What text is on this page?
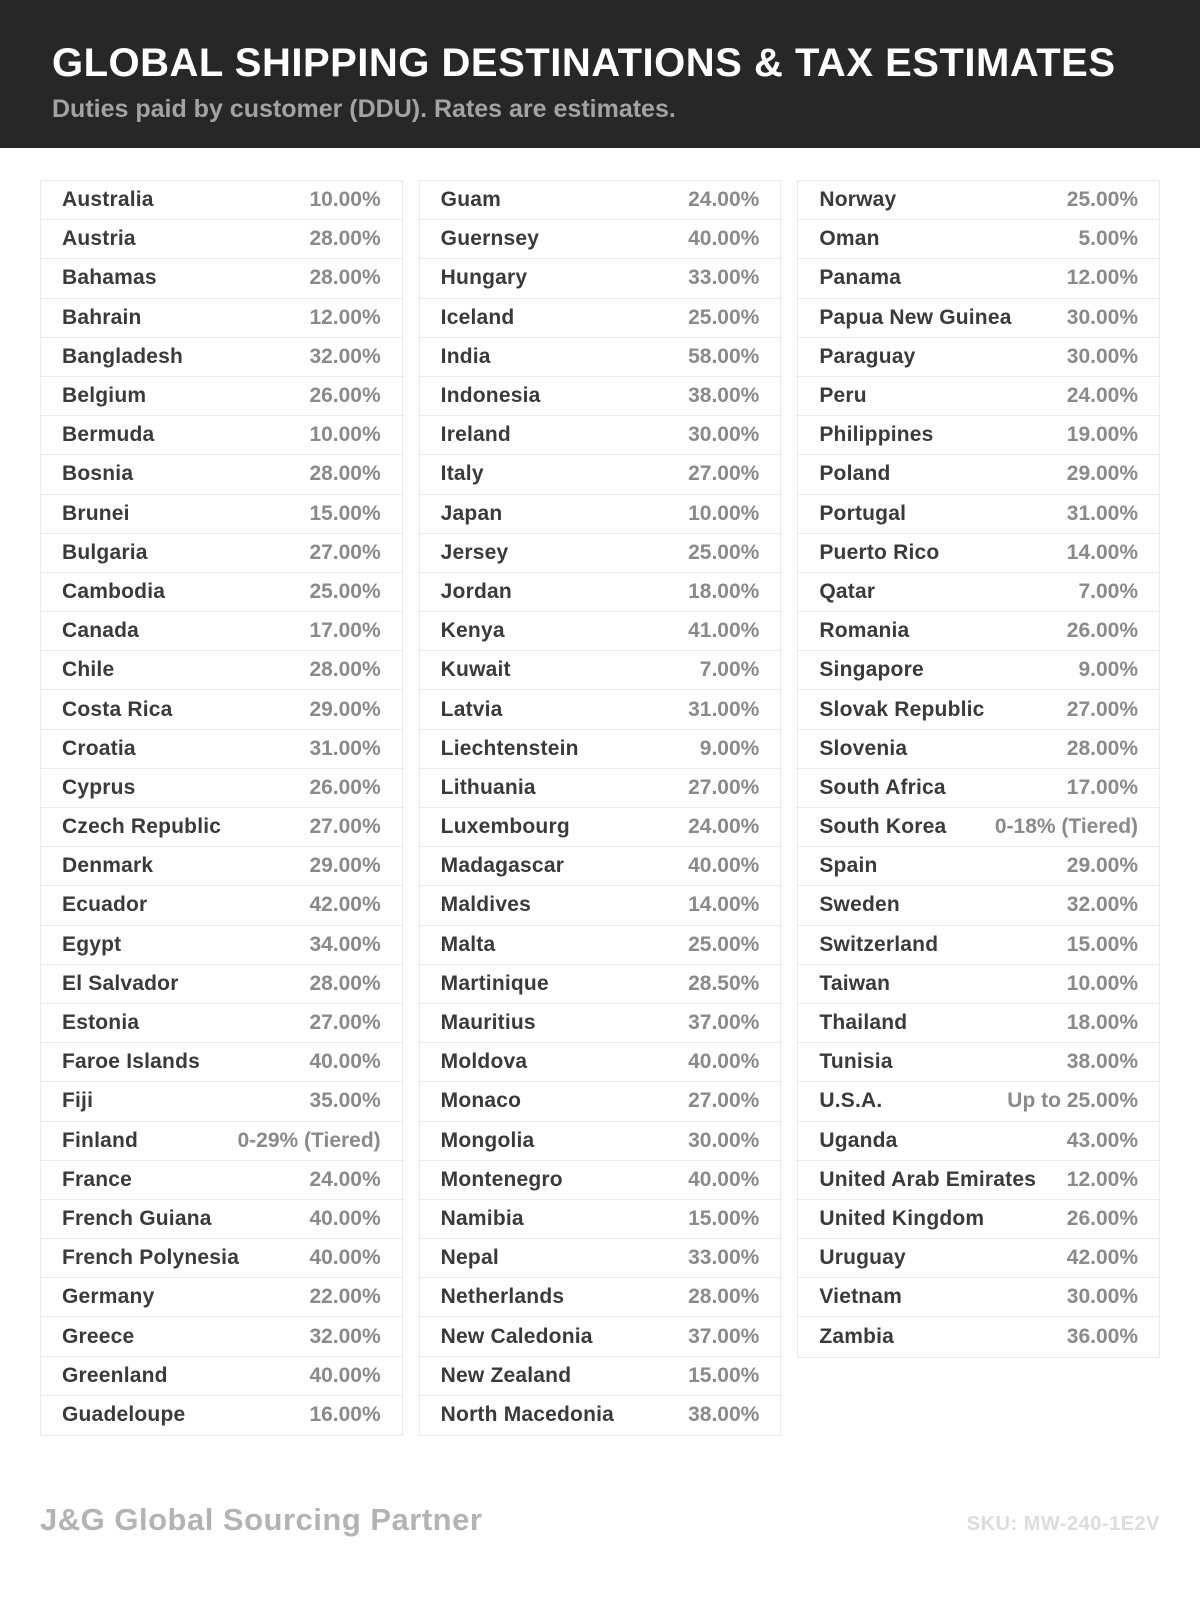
GLOBAL SHIPPING DESTINATIONS & TAX ESTIMATES
Duties paid by customer (DDU). Rates are estimates.
Australia	10.00%
Austria	28.00%
Bahamas	28.00%
Bahrain	12.00%
Bangladesh	32.00%
Belgium	26.00%
Bermuda	10.00%
Bosnia	28.00%
Brunei	15.00%
Bulgaria	27.00%
Cambodia	25.00%
Canada	17.00%
Chile	28.00%
Costa Rica	29.00%
Croatia	31.00%
Cyprus	26.00%
Czech Republic	27.00%
Denmark	29.00%
Ecuador	42.00%
Egypt	34.00%
El Salvador	28.00%
Estonia	27.00%
Faroe Islands	40.00%
Fiji	35.00%
Finland	0-29% (Tiered)
France	24.00%
French Guiana	40.00%
French Polynesia	40.00%
Germany	22.00%
Greece	32.00%
Greenland	40.00%
Guadeloupe	16.00%
Guam	24.00%
Guernsey	40.00%
Hungary	33.00%
Iceland	25.00%
India	58.00%
Indonesia	38.00%
Ireland	30.00%
Italy	27.00%
Japan	10.00%
Jersey	25.00%
Jordan	18.00%
Kenya	41.00%
Kuwait	7.00%
Latvia	31.00%
Liechtenstein	9.00%
Lithuania	27.00%
Luxembourg	24.00%
Madagascar	40.00%
Maldives	14.00%
Malta	25.00%
Martinique	28.50%
Mauritius	37.00%
Moldova	40.00%
Monaco	27.00%
Mongolia	30.00%
Montenegro	40.00%
Namibia	15.00%
Nepal	33.00%
Netherlands	28.00%
New Caledonia	37.00%
New Zealand	15.00%
North Macedonia	38.00%
Norway	25.00%
Oman	5.00%
Panama	12.00%
Papua New Guinea	30.00%
Paraguay	30.00%
Peru	24.00%
Philippines	19.00%
Poland	29.00%
Portugal	31.00%
Puerto Rico	14.00%
Qatar	7.00%
Romania	26.00%
Singapore	9.00%
Slovak Republic	27.00%
Slovenia	28.00%
South Africa	17.00%
South Korea 0-18% (Tiered)
Spain	29.00%
Sweden	32.00%
Switzerland	15.00%
Taiwan	10.00%
Thailand	18.00%
Tunisia	38.00%
U.S.A.	Up to 25.00%
Uganda	43.00%
United Arab Emirates 12.00%
United Kingdom	26.00%
Uruguay	42.00%
Vietnam	30.00%
Zambia	36.00%
J&G Global Sourcing Partner	SKU: MW-240-1E2V
